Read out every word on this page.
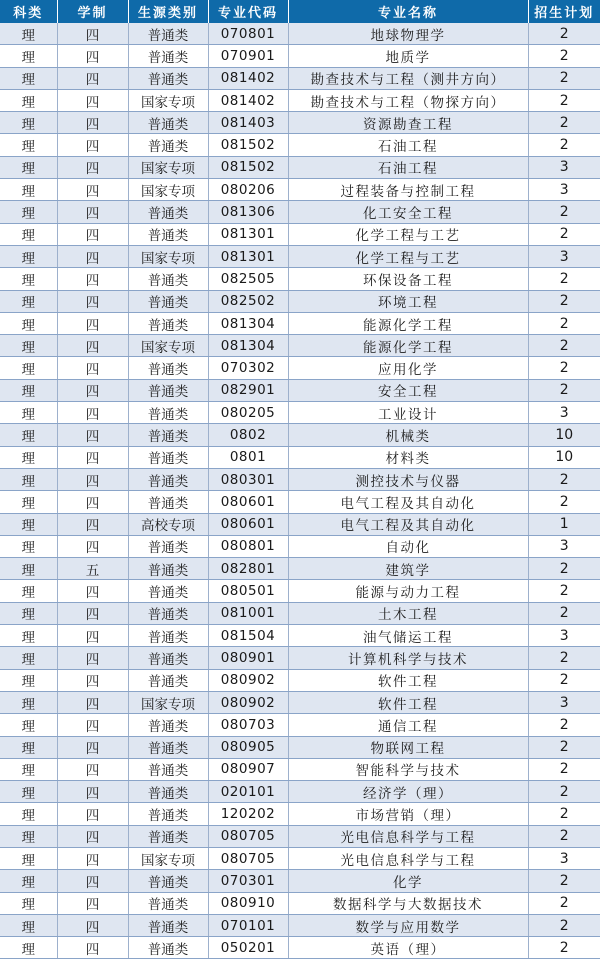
科类	学制	生源类别	专业代码	专业名称	招生计划
理	四	普通类	070801	地球物理学	2
理	四	普通类	070901	地质学	2
理	四	普通类	081402	勘查技术与工程（测井方向）	2
理	四	国家专项	081402	勘查技术与工程（物探方向）	2
理	四	普通类	081403	资源勘查工程	2
理	四	普通类	081502	石油工程	2
理	四	国家专项	081502	石油工程	3
理	四	国家专项	080206	过程装备与控制工程	3
理	四	普通类	081306	化工安全工程	2
理	四	普通类	081301	化学工程与工艺	2
理	四	国家专项	081301	化学工程与工艺	3
理	四	普通类	082505	环保设备工程	2
理	四	普通类	082502	环境工程	2
理	四	普通类	081304	能源化学工程	2
理	四	国家专项	081304	能源化学工程	2
理	四	普通类	070302	应用化学	2
理	四	普通类	082901	安全工程	2
理	四	普通类	080205	工业设计	3
理	四	普通类	0802	机械类	10
理	四	普通类	0801	材料类	10
理	四	普通类	080301	测控技术与仪器	2
理	四	普通类	080601	电气工程及其自动化	2
理	四	高校专项	080601	电气工程及其自动化	1
理	四	普通类	080801	自动化	3
理	五	普通类	082801	建筑学	2
理	四	普通类	080501	能源与动力工程	2
理	四	普通类	081001	土木工程	2
理	四	普通类	081504	油气储运工程	3
理	四	普通类	080901	计算机科学与技术	2
理	四	普通类	080902	软件工程	2
理	四	国家专项	080902	软件工程	3
理	四	普通类	080703	通信工程	2
理	四	普通类	080905	物联网工程	2
理	四	普通类	080907	智能科学与技术	2
理	四	普通类	020101	经济学（理）	2
理	四	普通类	120202	市场营销（理）	2
理	四	普通类	080705	光电信息科学与工程	2
理	四	国家专项	080705	光电信息科学与工程	3
理	四	普通类	070301	化学	2
理	四	普通类	080910	数据科学与大数据技术	2
理	四	普通类	070101	数学与应用数学	2
理	四	普通类	050201	英语（理）	2
